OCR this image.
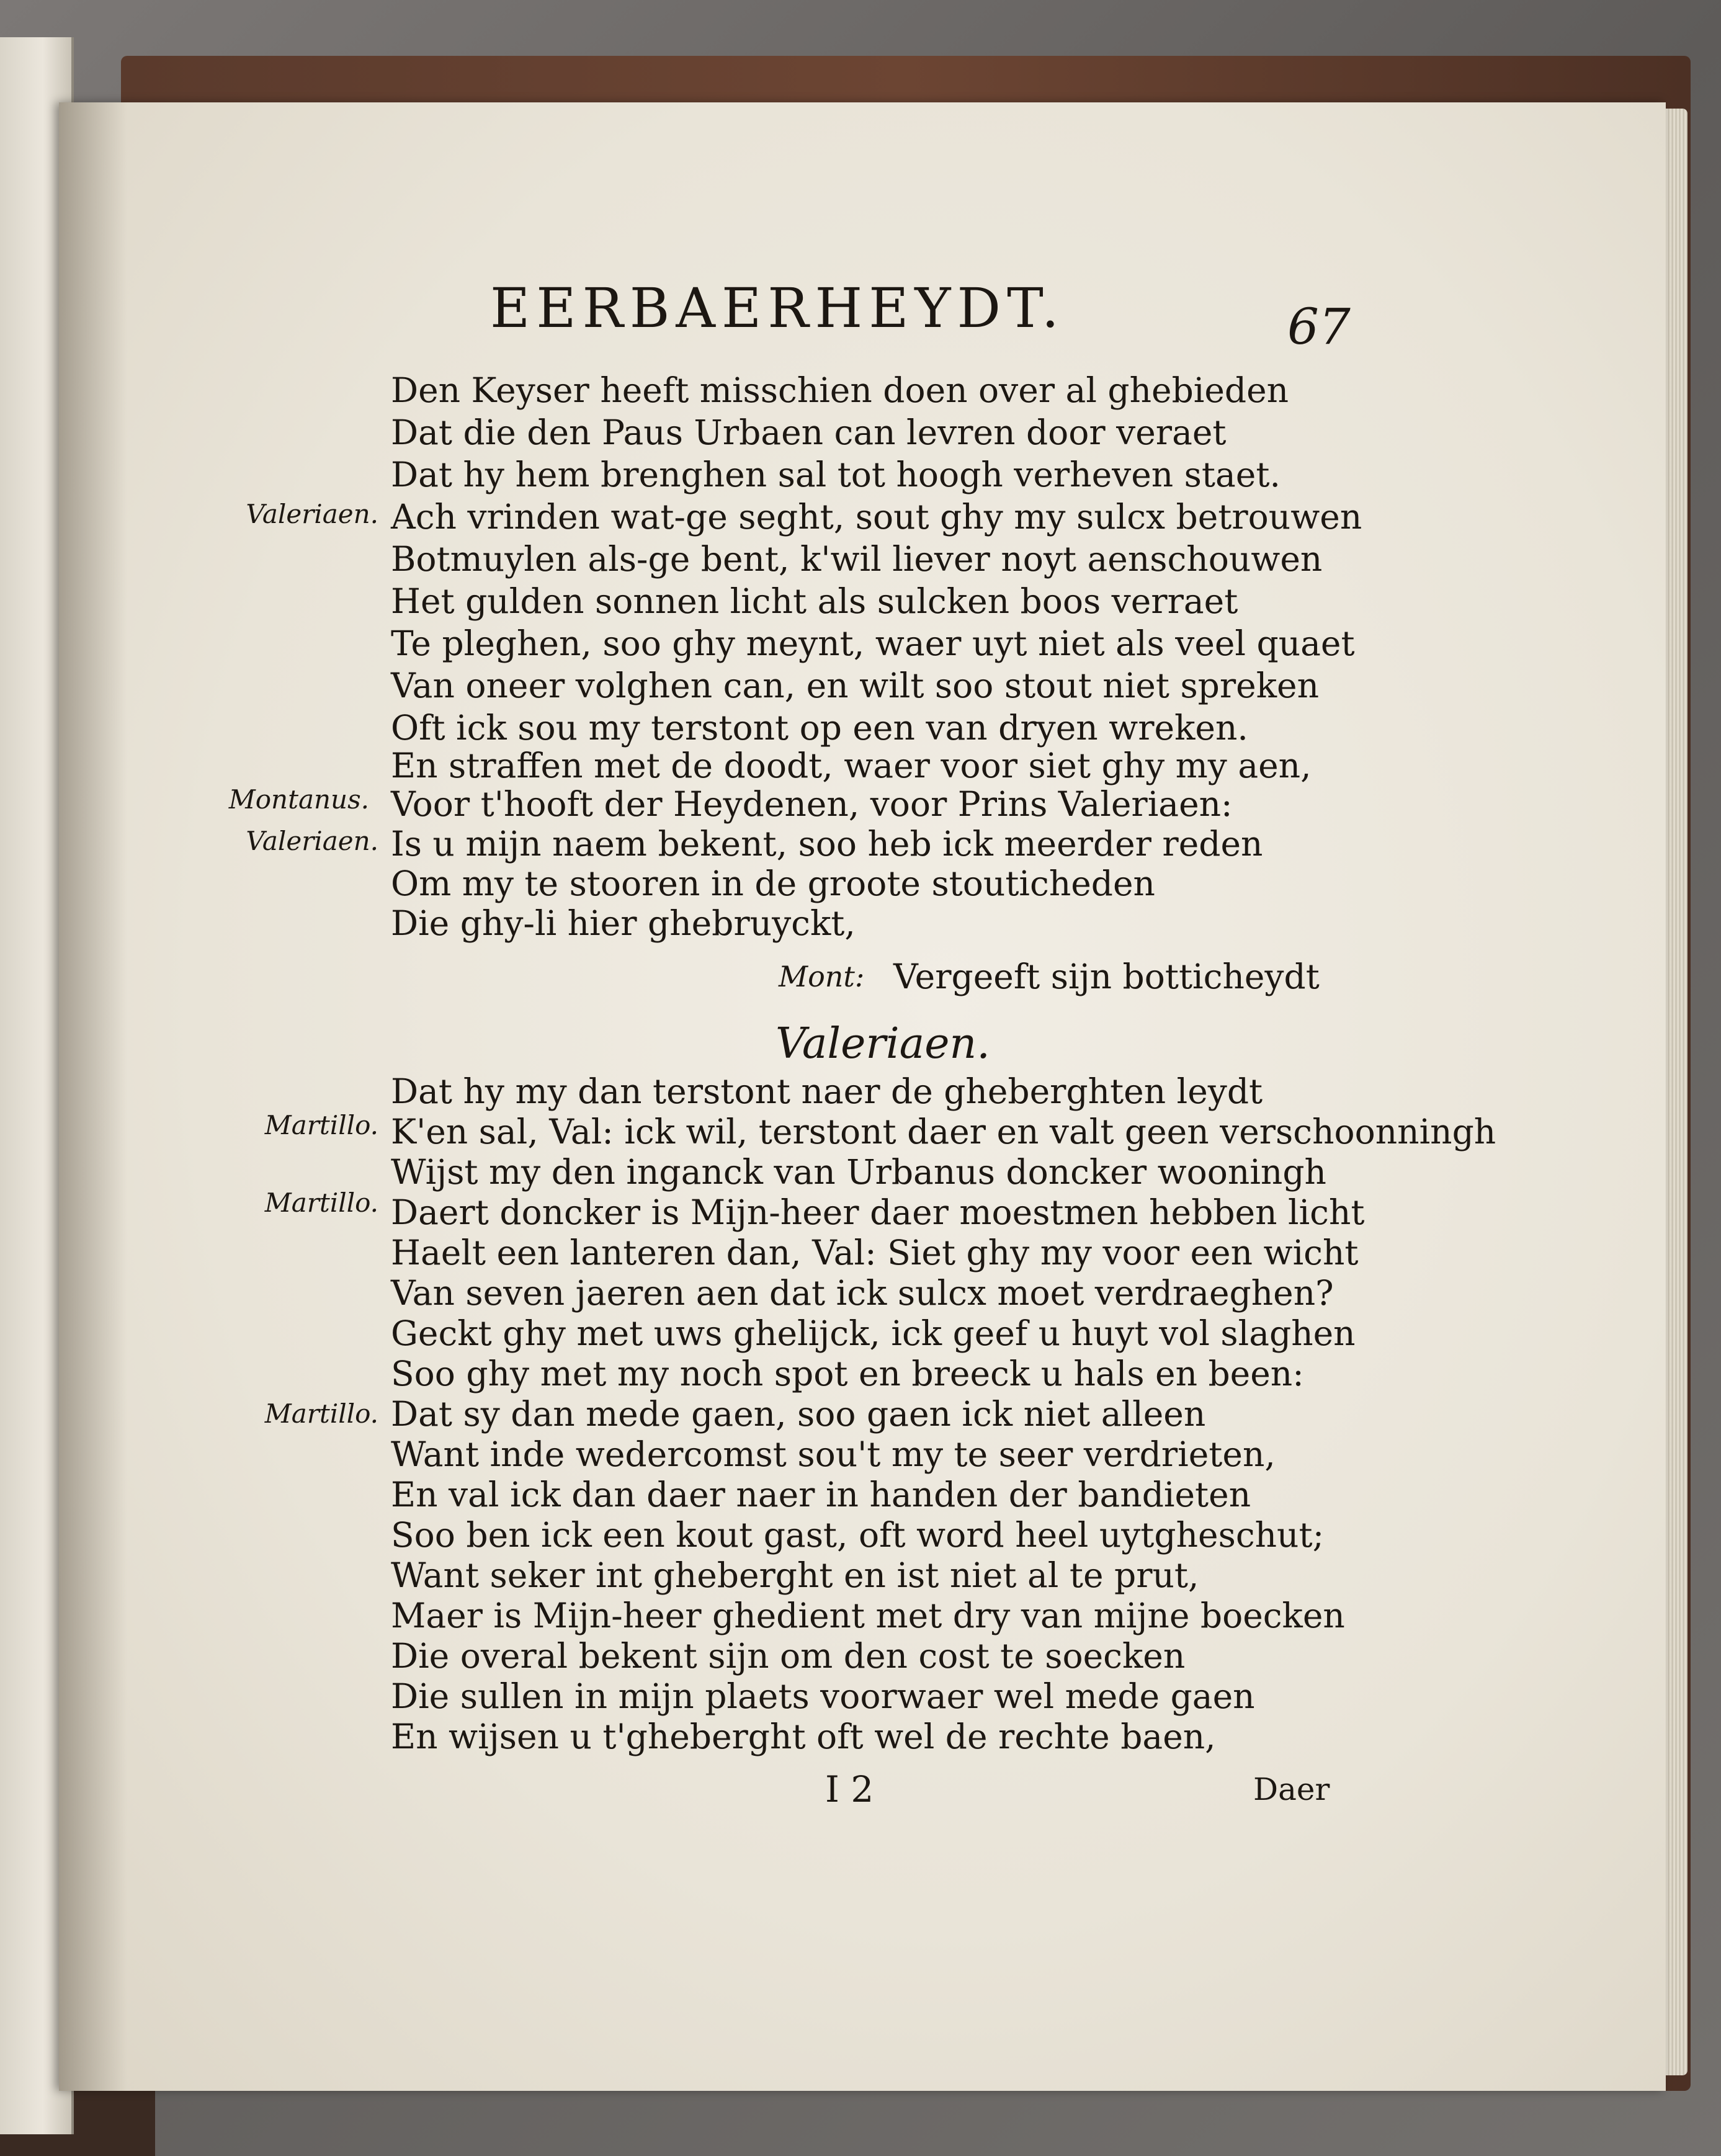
EERBAERHEYDT.	67
Valeriaen.
Montanus.
Valeriaen.
Martillo.
Martillo.
Martillo.
Den Keyser heeft misschien doen over al ghebieden
Dat die den Paus Urbaen can levren door veraet
Dat hy hem brenghen sal tot hoogh verheven staet.
Ach vrinden wat-ge seght, sout ghy my sulcx betrouwen
Botmuylen als-ge bent, k'wil liever noyt aenschouwen
Het gulden sonnen licht als sulcken boos verraet
Te pleghen, soo ghy meynt, waer uyt niet als veel quaet
Van oneer volghen can, en wilt soo stout niet spreken
Oft ick sou my terstont op een van dryen wreken.
En straffen met de doodt, waer voor siet ghy my aen,
Voor t'hooft der Heydenen, voor Prins Valeriaen:
Is u mijn naem bekent, soo heb ick meerder reden
Om my te stooren in de groote stouticheden
Die ghy-li hier ghebruyckt,
Mont: Vergeeft sijn botticheydt
Valeriaen.
Dat hy my dan terstont naer de gheberghten leydt
K'en sal, Val: ick wil, terstont daer en valt geen verschoonningh
Wijst my den inganck van Urbanus doncker wooningh
Daert doncker is Mijn-heer daer moestmen hebben licht
Haelt een lanteren dan, Val: Siet ghy my voor een wicht
Van seven jaeren aen dat ick sulcx moet verdraeghen?
Geckt ghy met uws ghelijck, ick geef u huyt vol slaghen
Soo ghy met my noch spot en breeck u hals en been:
Dat sy dan mede gaen, soo gaen ick niet alleen
Want inde wedercomst sou't my te seer verdrieten,
En val ick dan daer naer in handen der bandieten
Soo ben ick een kout gast, oft word heel uytgheschut;
Want seker int gheberght en ist niet al te prut,
Maer is Mijn-heer ghedient met dry van mijne boecken
Die overal bekent sijn om den cost te soecken
Die sullen in mijn plaets voorwaer wel mede gaen
En wijsen u t'gheberght oft wel de rechte baen,
I 2	Daer
